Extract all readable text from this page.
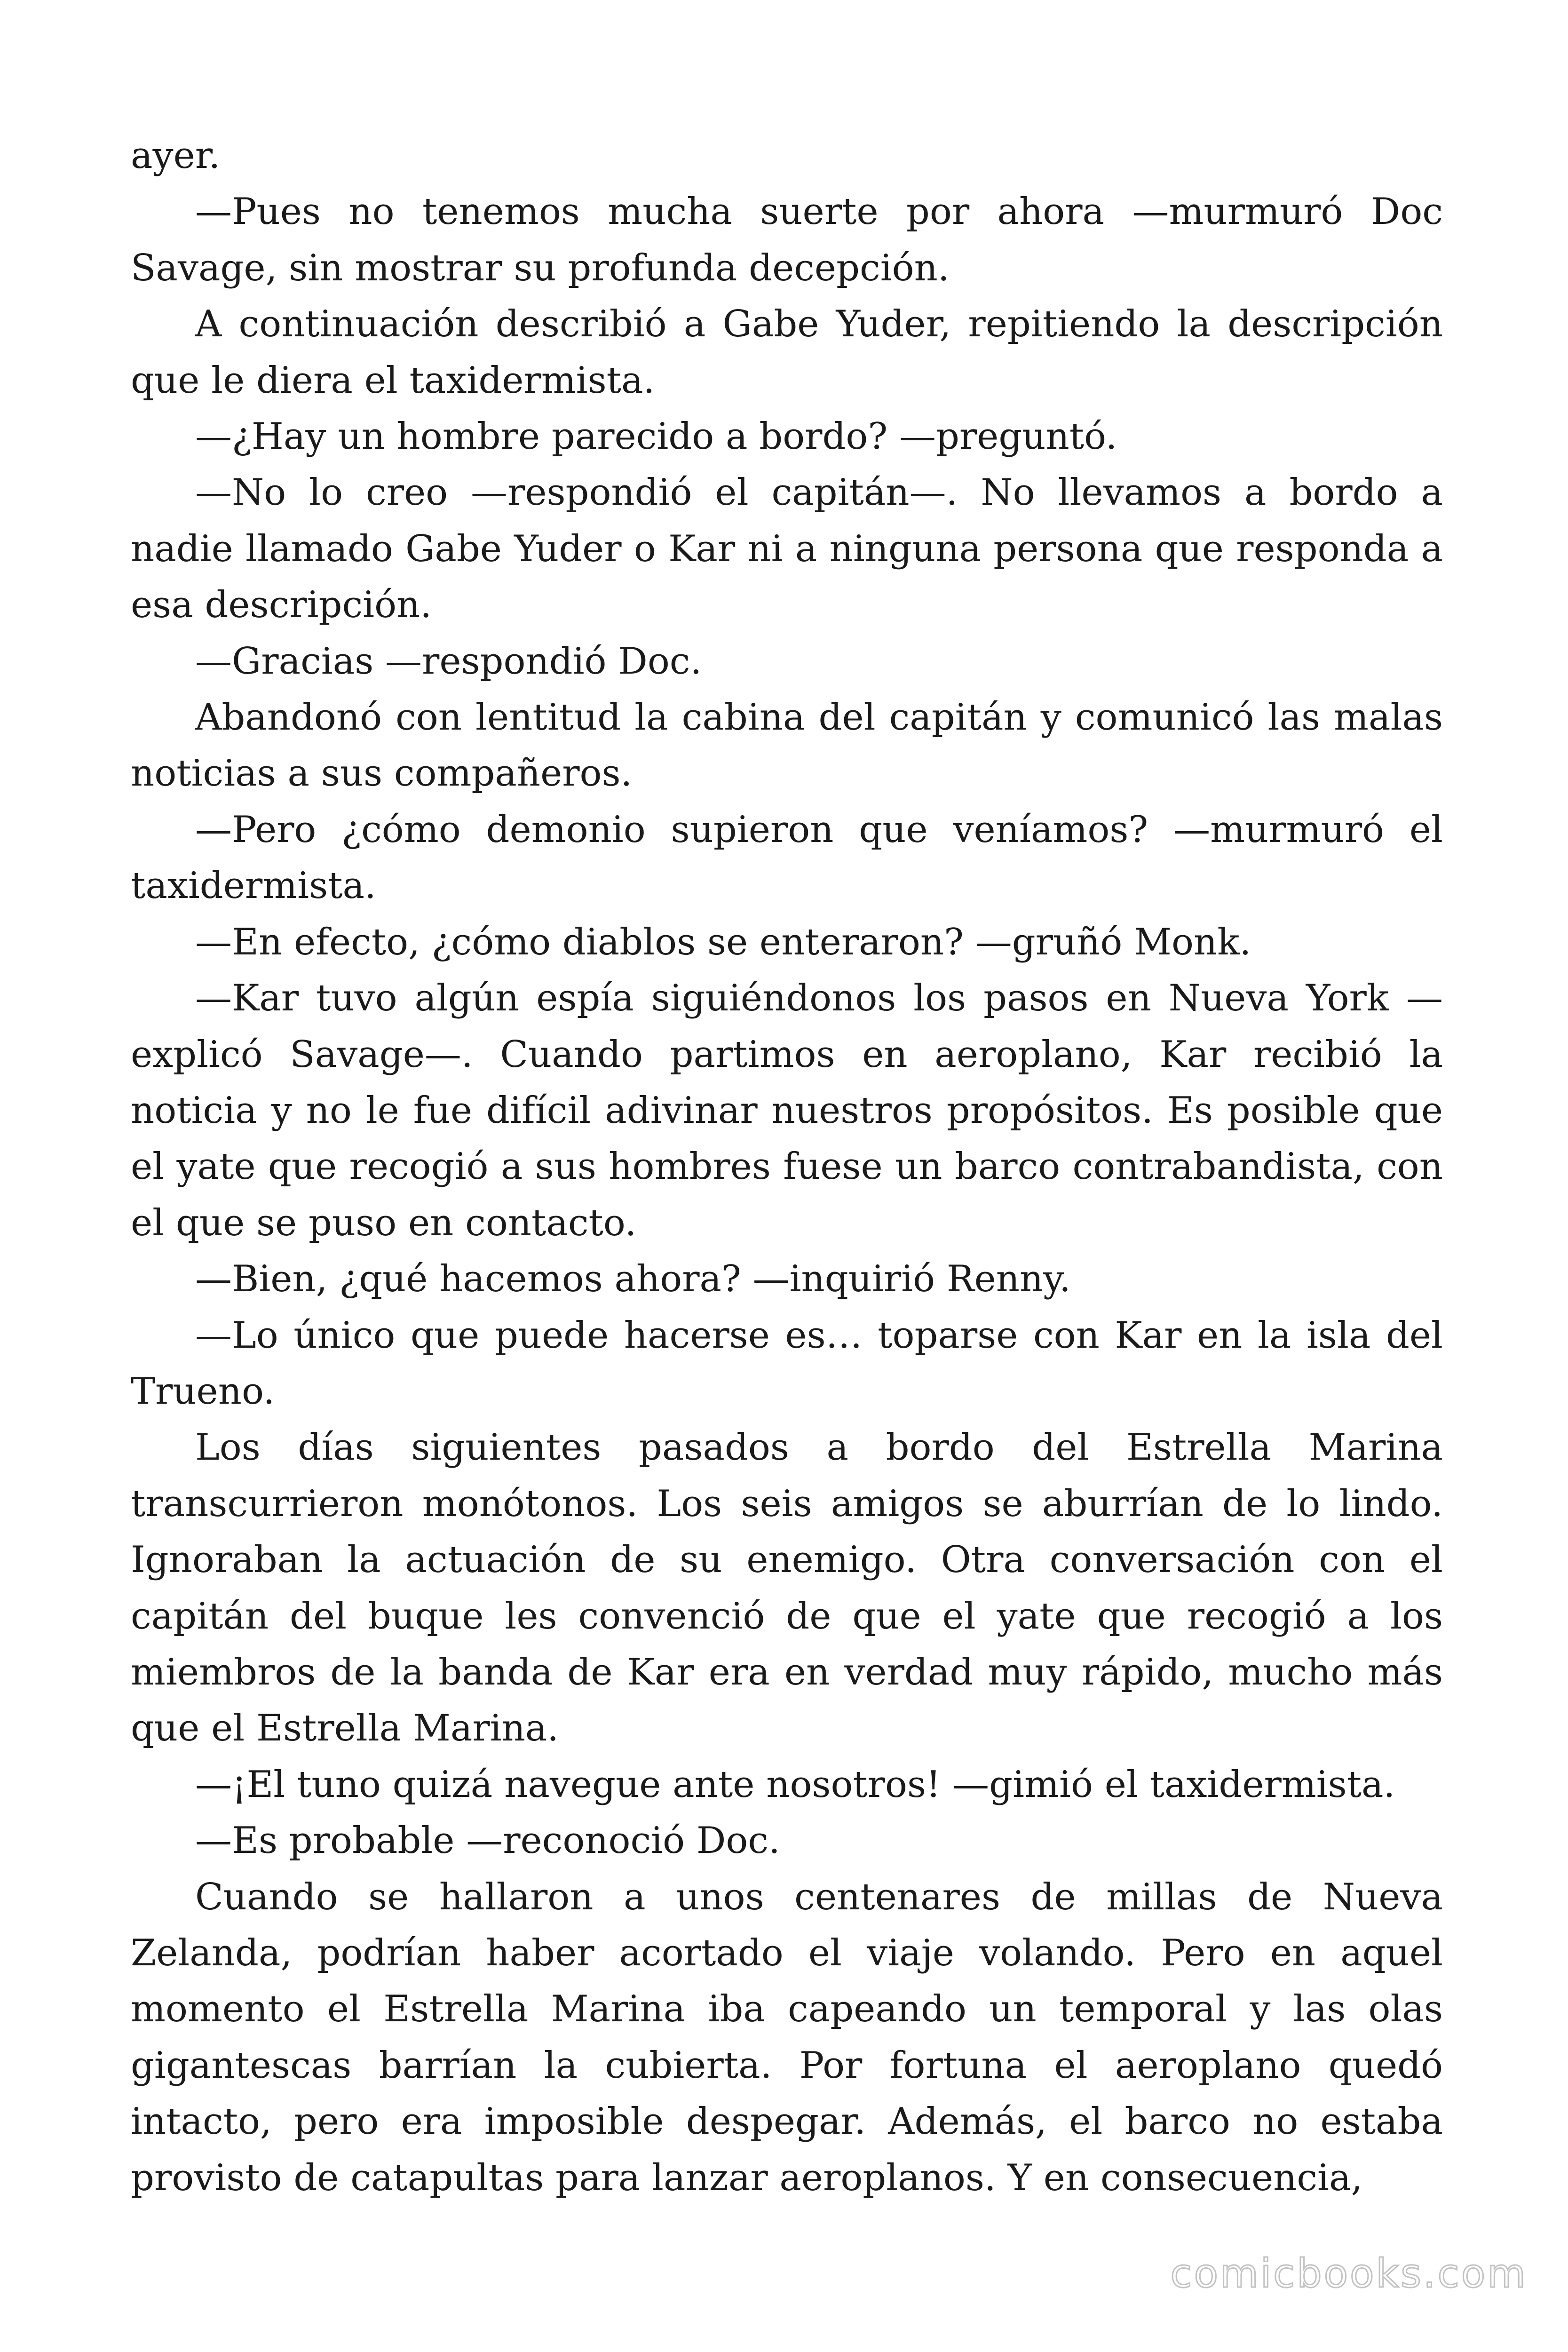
ayer.

—Pues no tenemos mucha suerte por ahora —murmuró Doc Savage, sin mostrar su profunda decepción.

A continuación describió a Gabe Yuder, repitiendo la descripción que le diera el taxidermista.

—¿Hay un hombre parecido a bordo? —preguntó.

—No lo creo —respondió el capitán—. No llevamos a bordo a nadie llamado Gabe Yuder o Kar ni a ninguna persona que responda a esa descripción.

—Gracias —respondió Doc.

Abandonó con lentitud la cabina del capitán y comunicó las malas noticias a sus compañeros.

—Pero ¿cómo demonio supieron que veníamos? —murmuró el taxidermista.

—En efecto, ¿cómo diablos se enteraron? —gruñó Monk.

—Kar tuvo algún espía siguiéndonos los pasos en Nueva York —explicó Savage—. Cuando partimos en aeroplano, Kar recibió la noticia y no le fue difícil adivinar nuestros propósitos. Es posible que el yate que recogió a sus hombres fuese un barco contrabandista, con el que se puso en contacto.

—Bien, ¿qué hacemos ahora? —inquirió Renny.

—Lo único que puede hacerse es… toparse con Kar en la isla del Trueno.

Los días siguientes pasados a bordo del Estrella Marina transcurrieron monótonos. Los seis amigos se aburrían de lo lindo. Ignoraban la actuación de su enemigo. Otra conversación con el capitán del buque les convenció de que el yate que recogió a los miembros de la banda de Kar era en verdad muy rápido, mucho más que el Estrella Marina.

—¡El tuno quizá navegue ante nosotros! —gimió el taxidermista.

—Es probable —reconoció Doc.

Cuando se hallaron a unos centenares de millas de Nueva Zelanda, podrían haber acortado el viaje volando. Pero en aquel momento el Estrella Marina iba capeando un temporal y las olas gigantescas barrían la cubierta. Por fortuna el aeroplano quedó intacto, pero era imposible despegar. Además, el barco no estaba provisto de catapultas para lanzar aeroplanos. Y en consecuencia,

comicbooks.com
